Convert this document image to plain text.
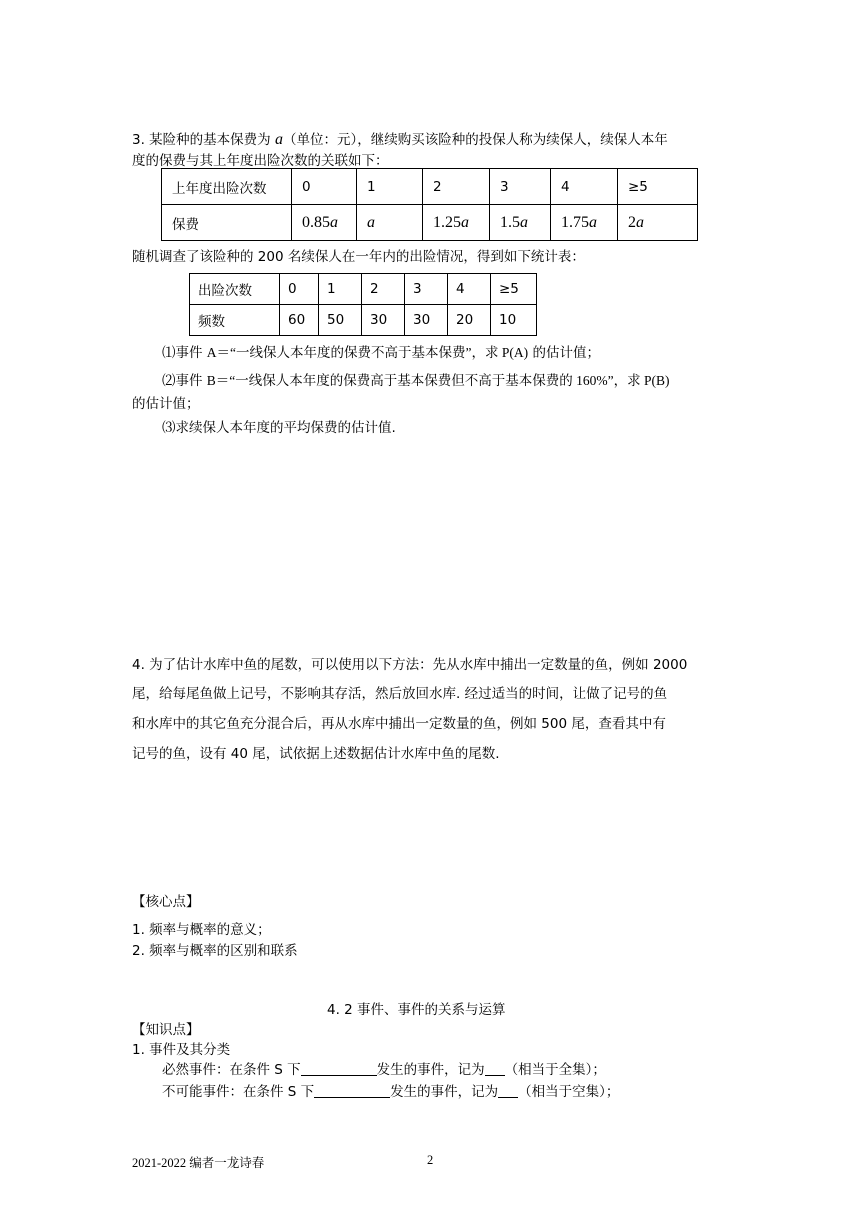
3. 某险种的基本保费为 a（单位：元），继续购买该险种的投保人称为续保人，续保人本年
度的保费与其上年度出险次数的关联如下：
上年度出险次数	0	1	2	3	4	≥5
保费	0.85a	a	1.25a	1.5a	1.75a	2a
随机调查了该险种的 200 名续保人在一年内的出险情况，得到如下统计表：
出险次数	0	1	2	3	4	≥5
频数	60	50	30	30	20	10
⑴事件 A＝“一线保人本年度的保费不高于基本保费”，求 P(A) 的估计值；
⑵事件 B＝“一线保人本年度的保费高于基本保费但不高于基本保费的 160%”，求 P(B)
的估计值；
⑶求续保人本年度的平均保费的估计值.
4. 为了估计水库中鱼的尾数，可以使用以下方法：先从水库中捕出一定数量的鱼，例如 2000
尾，给每尾鱼做上记号，不影响其存活，然后放回水库. 经过适当的时间，让做了记号的鱼
和水库中的其它鱼充分混合后，再从水库中捕出一定数量的鱼，例如 500 尾，查看其中有
记号的鱼，设有 40 尾，试依据上述数据估计水库中鱼的尾数.
【核心点】
1. 频率与概率的意义；
2. 频率与概率的区别和联系
4. 2 事件、事件的关系与运算
【知识点】
1. 事件及其分类
必然事件：在条件 S 下	发生的事件，记为 （相当于全集）；
不可能事件：在条件 S 下	发生的事件，记为 （相当于空集）；
2021-2022 编者一龙诗春	2
